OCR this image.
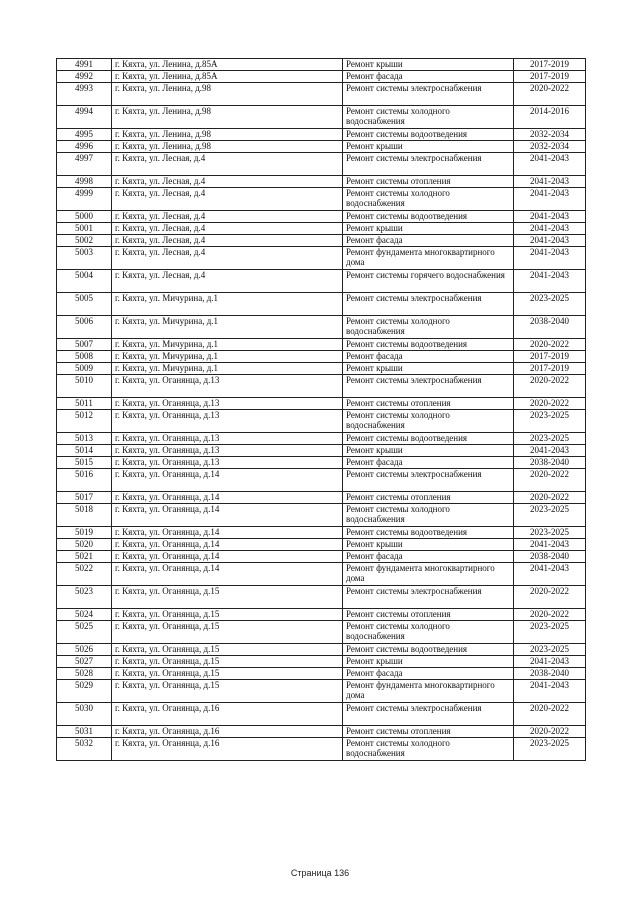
4991	г. Кяхта, ул. Ленина, д.85А	Ремонт крыши	2017-2019
4992	г. Кяхта, ул. Ленина, д.85А	Ремонт фасада	2017-2019
4993	г. Кяхта, ул. Ленина, д.98	Ремонт системы электроснабжения	2020-2022
4994	г. Кяхта, ул. Ленина, д.98	Ремонт системы холодного водоснабжения	2014-2016
4995	г. Кяхта, ул. Ленина, д.98	Ремонт системы водоотведения	2032-2034
4996	г. Кяхта, ул. Ленина, д.98	Ремонт крыши	2032-2034
4997	г. Кяхта, ул. Лесная, д.4	Ремонт системы электроснабжения	2041-2043
4998	г. Кяхта, ул. Лесная, д.4	Ремонт системы отопления	2041-2043
4999	г. Кяхта, ул. Лесная, д.4	Ремонт системы холодного водоснабжения	2041-2043
5000	г. Кяхта, ул. Лесная, д.4	Ремонт системы водоотведения	2041-2043
5001	г. Кяхта, ул. Лесная, д.4	Ремонт крыши	2041-2043
5002	г. Кяхта, ул. Лесная, д.4	Ремонт фасада	2041-2043
5003	г. Кяхта, ул. Лесная, д.4	Ремонт фундамента многоквартирного дома	2041-2043
5004	г. Кяхта, ул. Лесная, д.4	Ремонт системы горячего водоснабжения	2041-2043
5005	г. Кяхта, ул. Мичурина, д.1	Ремонт системы электроснабжения	2023-2025
5006	г. Кяхта, ул. Мичурина, д.1	Ремонт системы холодного водоснабжения	2038-2040
5007	г. Кяхта, ул. Мичурина, д.1	Ремонт системы водоотведения	2020-2022
5008	г. Кяхта, ул. Мичурина, д.1	Ремонт фасада	2017-2019
5009	г. Кяхта, ул. Мичурина, д.1	Ремонт крыши	2017-2019
5010	г. Кяхта, ул. Оганянца, д.13	Ремонт системы электроснабжения	2020-2022
5011	г. Кяхта, ул. Оганянца, д.13	Ремонт системы отопления	2020-2022
5012	г. Кяхта, ул. Оганянца, д.13	Ремонт системы холодного водоснабжения	2023-2025
5013	г. Кяхта, ул. Оганянца, д.13	Ремонт системы водоотведения	2023-2025
5014	г. Кяхта, ул. Оганянца, д.13	Ремонт крыши	2041-2043
5015	г. Кяхта, ул. Оганянца, д.13	Ремонт фасада	2038-2040
5016	г. Кяхта, ул. Оганянца, д.14	Ремонт системы электроснабжения	2020-2022
5017	г. Кяхта, ул. Оганянца, д.14	Ремонт системы отопления	2020-2022
5018	г. Кяхта, ул. Оганянца, д.14	Ремонт системы холодного водоснабжения	2023-2025
5019	г. Кяхта, ул. Оганянца, д.14	Ремонт системы водоотведения	2023-2025
5020	г. Кяхта, ул. Оганянца, д.14	Ремонт крыши	2041-2043
5021	г. Кяхта, ул. Оганянца, д.14	Ремонт фасада	2038-2040
5022	г. Кяхта, ул. Оганянца, д.14	Ремонт фундамента многоквартирного дома	2041-2043
5023	г. Кяхта, ул. Оганянца, д.15	Ремонт системы электроснабжения	2020-2022
5024	г. Кяхта, ул. Оганянца, д.15	Ремонт системы отопления	2020-2022
5025	г. Кяхта, ул. Оганянца, д.15	Ремонт системы холодного водоснабжения	2023-2025
5026	г. Кяхта, ул. Оганянца, д.15	Ремонт системы водоотведения	2023-2025
5027	г. Кяхта, ул. Оганянца, д.15	Ремонт крыши	2041-2043
5028	г. Кяхта, ул. Оганянца, д.15	Ремонт фасада	2038-2040
5029	г. Кяхта, ул. Оганянца, д.15	Ремонт фундамента многоквартирного дома	2041-2043
5030	г. Кяхта, ул. Оганянца, д.16	Ремонт системы электроснабжения	2020-2022
5031	г. Кяхта, ул. Оганянца, д.16	Ремонт системы отопления	2020-2022
5032	г. Кяхта, ул. Оганянца, д.16	Ремонт системы холодного водоснабжения	2023-2025
Страница 136
